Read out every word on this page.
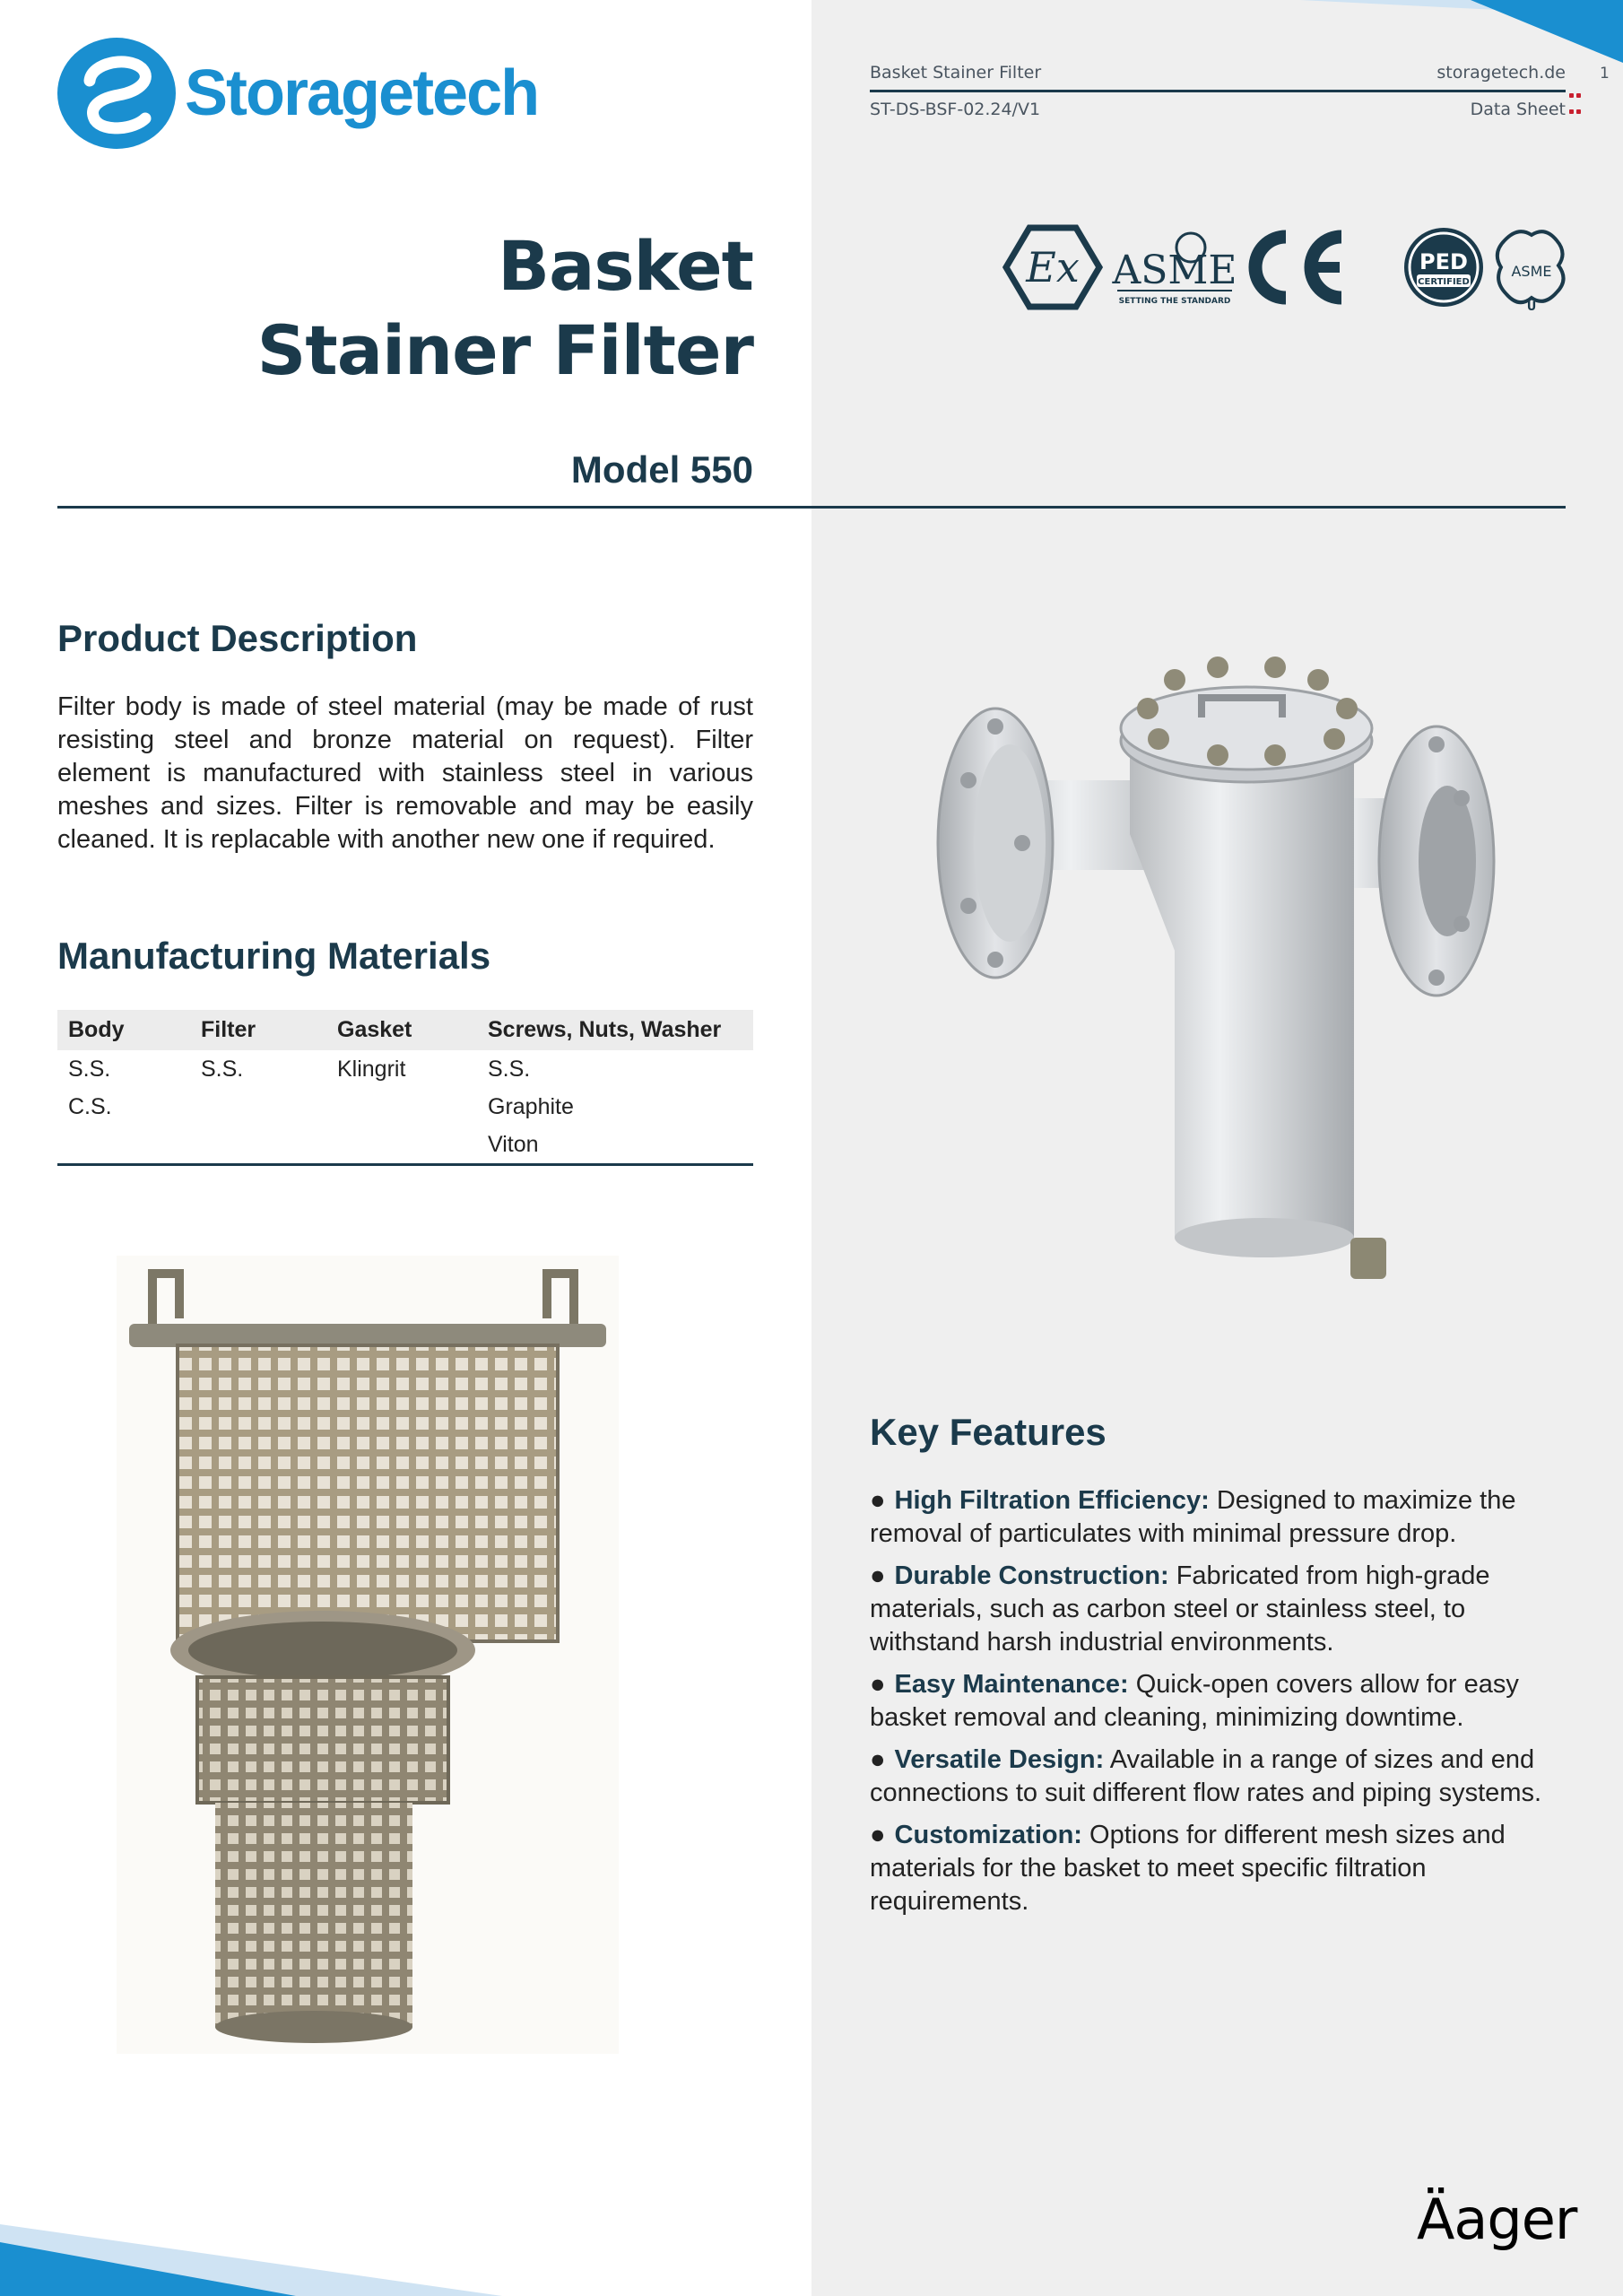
Storagetech	Basket Stainer Filter	storagetech.de
ST-DS-BSF-02.24/V1	Data Sheet
1

Ex ASME
SETTING THE STANDARD
PED
CERTIFIED
ASME
U
Basket
Stainer Filter
Model 550
Product Description
Filter body is made of steel material (may be made of rust resisting steel and bronze material on request). Filter element is manufactured with stainless steel in various meshes and sizes. Filter is removable and may be easily cleaned. It is replacable with another new one if required.
Manufacturing Materials
Body	Filter	Gasket	Screws, Nuts, Washer
S.S.	S.S.	Klingrit	S.S.
C.S.			Graphite
			Viton
Key Features
● High Filtration Efficiency: Designed to maximize the removal of particulates with minimal pressure drop.
● Durable Construction: Fabricated from high-grade materials, such as carbon steel or stainless steel, to withstand harsh industrial environments.
● Easy Maintenance: Quick-open covers allow for easy basket removal and cleaning, minimizing downtime.
● Versatile Design: Available in a range of sizes and end connections to suit different flow rates and piping systems.
● Customization: Options for different mesh sizes and materials for the basket to meet specific filtration requirements.
Äager
